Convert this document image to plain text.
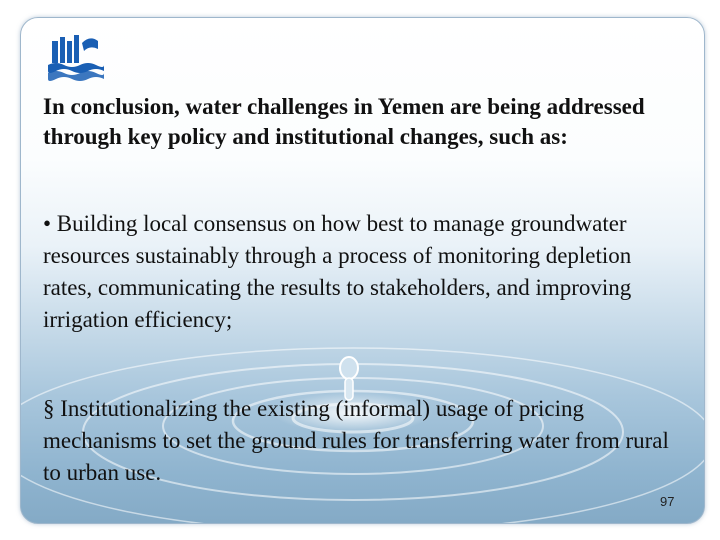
In conclusion, water challenges in Yemen are being addressed through key policy and institutional changes, such as:

• Building local consensus on how best to manage groundwater resources sustainably through a process of monitoring depletion rates, communicating the results to stakeholders, and improving irrigation efficiency;

§ Institutionalizing the existing (informal) usage of pricing mechanisms to set the ground rules for transferring water from rural to urban use.

97
